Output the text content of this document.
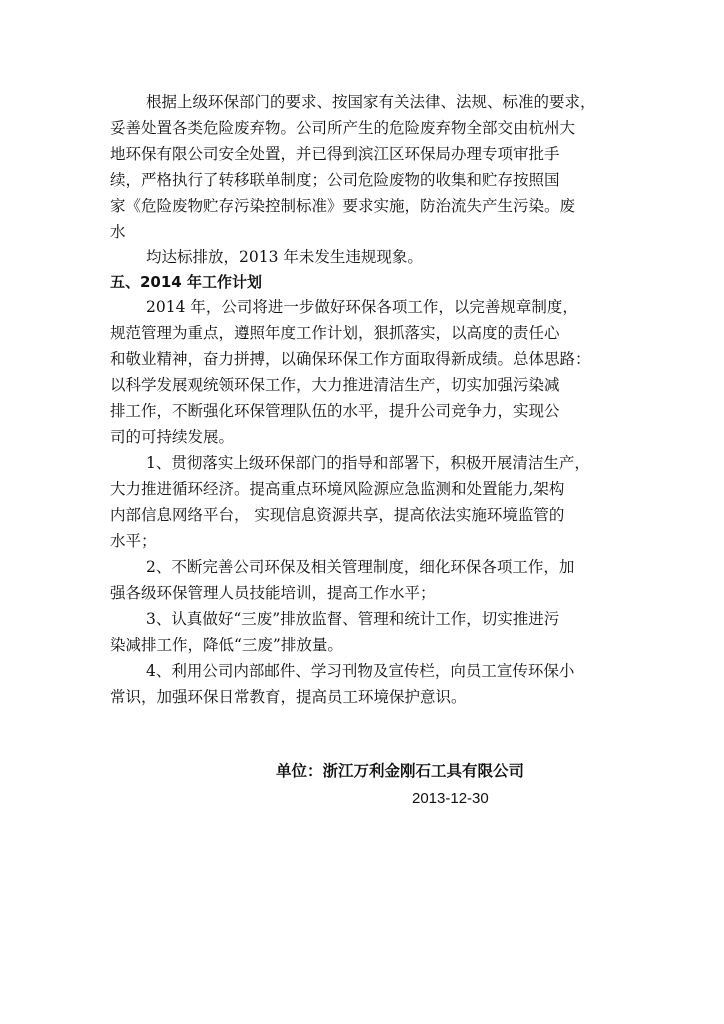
根据上级环保部门的要求、按国家有关法律、法规、标准的要求，
妥善处置各类危险废弃物。公司所产生的危险废弃物全部交由杭州大
地环保有限公司安全处置，并已得到滨江区环保局办理专项审批手
续，严格执行了转移联单制度；公司危险废物的收集和贮存按照国
家《危险废物贮存污染控制标准》要求实施，防治流失产生污染。废
水
均达标排放，2013 年未发生违规现象。
五、2014 年工作计划
2014 年，公司将进一步做好环保各项工作，以完善规章制度，
规范管理为重点，遵照年度工作计划，狠抓落实，以高度的责任心
和敬业精神，奋力拼搏，以确保环保工作方面取得新成绩。总体思路：
以科学发展观统领环保工作，大力推进清洁生产，切实加强污染减
排工作，不断强化环保管理队伍的水平，提升公司竞争力，实现公
司的可持续发展。
1、贯彻落实上级环保部门的指导和部署下，积极开展清洁生产，
大力推进循环经济。提高重点环境风险源应急监测和处置能力,架构
内部信息网络平台， 实现信息资源共享，提高依法实施环境监管的
水平；
2、不断完善公司环保及相关管理制度，细化环保各项工作，加
强各级环保管理人员技能培训，提高工作水平；
3、认真做好“三废”排放监督、管理和统计工作，切实推进污
染减排工作，降低“三废”排放量。
4、利用公司内部邮件、学习刊物及宣传栏，向员工宣传环保小
常识，加强环保日常教育，提高员工环境保护意识。
单位：浙江万利金刚石工具有限公司
2013-12-30
